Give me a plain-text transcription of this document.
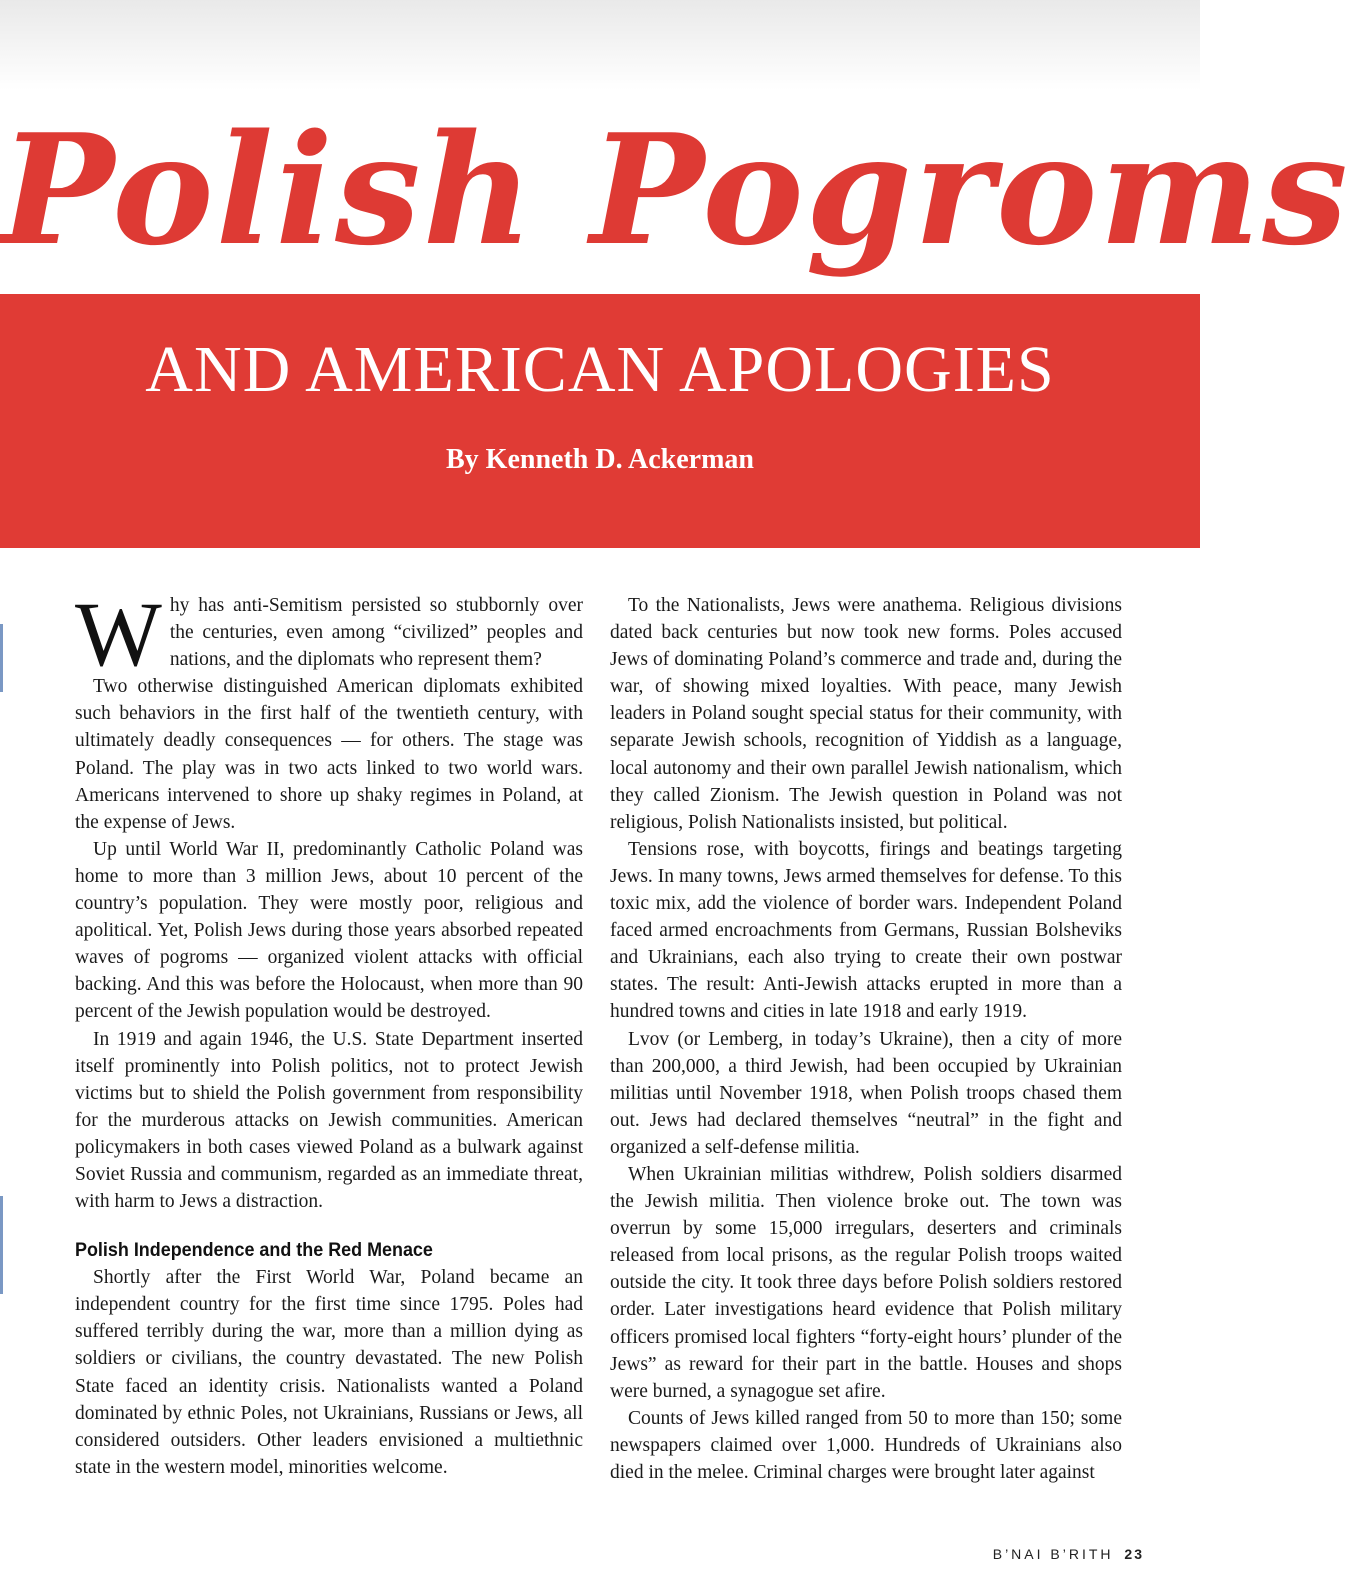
Polish Pogroms
AND AMERICAN APOLOGIES
By Kenneth D. Ackerman

Why has anti-Semitism persisted so stubbornly over the centuries, even among “civilized” peoples and nations, and the diplomats who represent them?

Two otherwise distinguished American diplomats exhibited such behaviors in the first half of the twentieth century, with ultimately deadly consequences — for others. The stage was Poland. The play was in two acts linked to two world wars. Americans intervened to shore up shaky regimes in Poland, at the expense of Jews.

Up until World War II, predominantly Catholic Poland was home to more than 3 million Jews, about 10 percent of the country’s population. They were mostly poor, religious and apolitical. Yet, Polish Jews during those years absorbed repeated waves of pogroms — organized violent attacks with official backing. And this was before the Holocaust, when more than 90 percent of the Jewish population would be destroyed.

In 1919 and again 1946, the U.S. State Department inserted itself prominently into Polish politics, not to protect Jewish victims but to shield the Polish government from responsibility for the murderous attacks on Jewish communities. American policymakers in both cases viewed Poland as a bulwark against Soviet Russia and communism, regarded as an immediate threat, with harm to Jews a distraction.

Polish Independence and the Red Menace

Shortly after the First World War, Poland became an independent country for the first time since 1795. Poles had suffered terribly during the war, more than a million dying as soldiers or civilians, the country devastated. The new Polish State faced an identity crisis. Nationalists wanted a Poland dominated by ethnic Poles, not Ukrainians, Russians or Jews, all considered outsiders. Other leaders envisioned a multiethnic state in the western model, minorities welcome.

To the Nationalists, Jews were anathema. Religious divisions dated back centuries but now took new forms. Poles accused Jews of dominating Poland’s commerce and trade and, during the war, of showing mixed loyalties. With peace, many Jewish leaders in Poland sought special status for their community, with separate Jewish schools, recognition of Yiddish as a language, local autonomy and their own parallel Jewish nationalism, which they called Zionism. The Jewish question in Poland was not religious, Polish Nationalists insisted, but political.

Tensions rose, with boycotts, firings and beatings targeting Jews. In many towns, Jews armed themselves for defense. To this toxic mix, add the violence of border wars. Independent Poland faced armed encroachments from Germans, Russian Bolsheviks and Ukrainians, each also trying to create their own postwar states. The result: Anti-Jewish attacks erupted in more than a hundred towns and cities in late 1918 and early 1919.

Lvov (or Lemberg, in today’s Ukraine), then a city of more than 200,000, a third Jewish, had been occupied by Ukrainian militias until November 1918, when Polish troops chased them out. Jews had declared themselves “neutral” in the fight and organized a self-defense militia.

When Ukrainian militias withdrew, Polish soldiers disarmed the Jewish militia. Then violence broke out. The town was overrun by some 15,000 irregulars, deserters and criminals released from local prisons, as the regular Polish troops waited outside the city. It took three days before Polish soldiers restored order. Later investigations heard evidence that Polish military officers promised local fighters “forty-eight hours’ plunder of the Jews” as reward for their part in the battle. Houses and shops were burned, a synagogue set afire.

Counts of Jews killed ranged from 50 to more than 150; some newspapers claimed over 1,000. Hundreds of Ukrainians also died in the melee. Criminal charges were brought later against

B’NAI B’RITH 23
